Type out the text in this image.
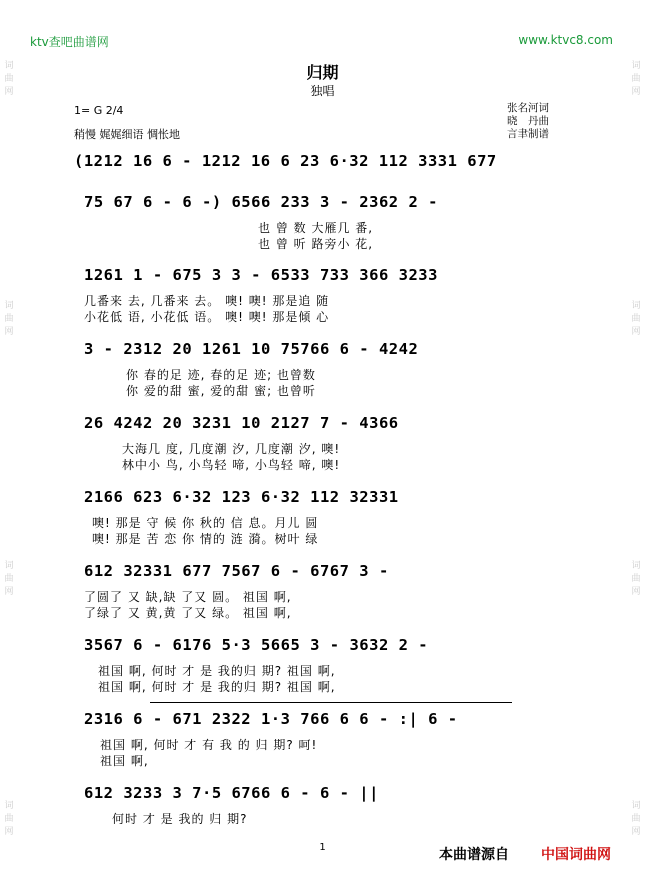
ktv查吧曲谱网	www.ktvc8.com
词曲网
词曲网
词曲网
词曲网
词曲网
词曲网
词曲网
词曲网
归期
独唱
1= G 2/4
稍慢 娓娓细语 惆怅地
张名河词
晓　丹曲
言聿制谱
(1212 16 6 - 1212 16 6 23 6·32 112 3331 677
75 67 6 - 6 -) 6566 233 3 - 2362 2 -
也 曾 数 大雁几 番,
也 曾 听 路旁小 花,
1261 1 - 675 3 3 - 6533 733 366 3233
几番来 去, 几番来 去。 噢! 噢! 那是追 随
小花低 语, 小花低 语。 噢! 噢! 那是倾 心
3 - 2312 20 1261 10 75766 6 - 4242
你 春的足 迹, 春的足 迹; 也曾数
你 爱的甜 蜜, 爱的甜 蜜; 也曾听
26 4242 20 3231 10 2127 7 - 4366
大海几 度, 几度潮 汐, 几度潮 汐, 噢!
林中小 鸟, 小鸟轻 啼, 小鸟轻 啼, 噢!
2166 623 6·32 123 6·32 112 32331
噢! 那是 守 候 你 秋的 信 息。月儿 圆
噢! 那是 苦 恋 你 情的 涟 漪。树叶 绿
612 32331 677 7567 6 - 6767 3 -
了圆了 又 缺,缺 了又 圆。 祖国 啊,
了绿了 又 黄,黄 了又 绿。 祖国 啊,
3567 6 - 6176 5·3 5665 3 - 3632 2 -
祖国 啊, 何时 才 是 我的归 期? 祖国 啊,
祖国 啊, 何时 才 是 我的归 期? 祖国 啊,
2316 6 - 671 2322 1·3 766 6 6 - :| 6 -
祖国 啊, 何时 才 有 我 的 归 期? 呵!
祖国 啊,
612 3233 3 7·5 6766 6 - 6 - ||
何时 才 是 我的 归 期?
1	本曲谱源自 中国词曲网
